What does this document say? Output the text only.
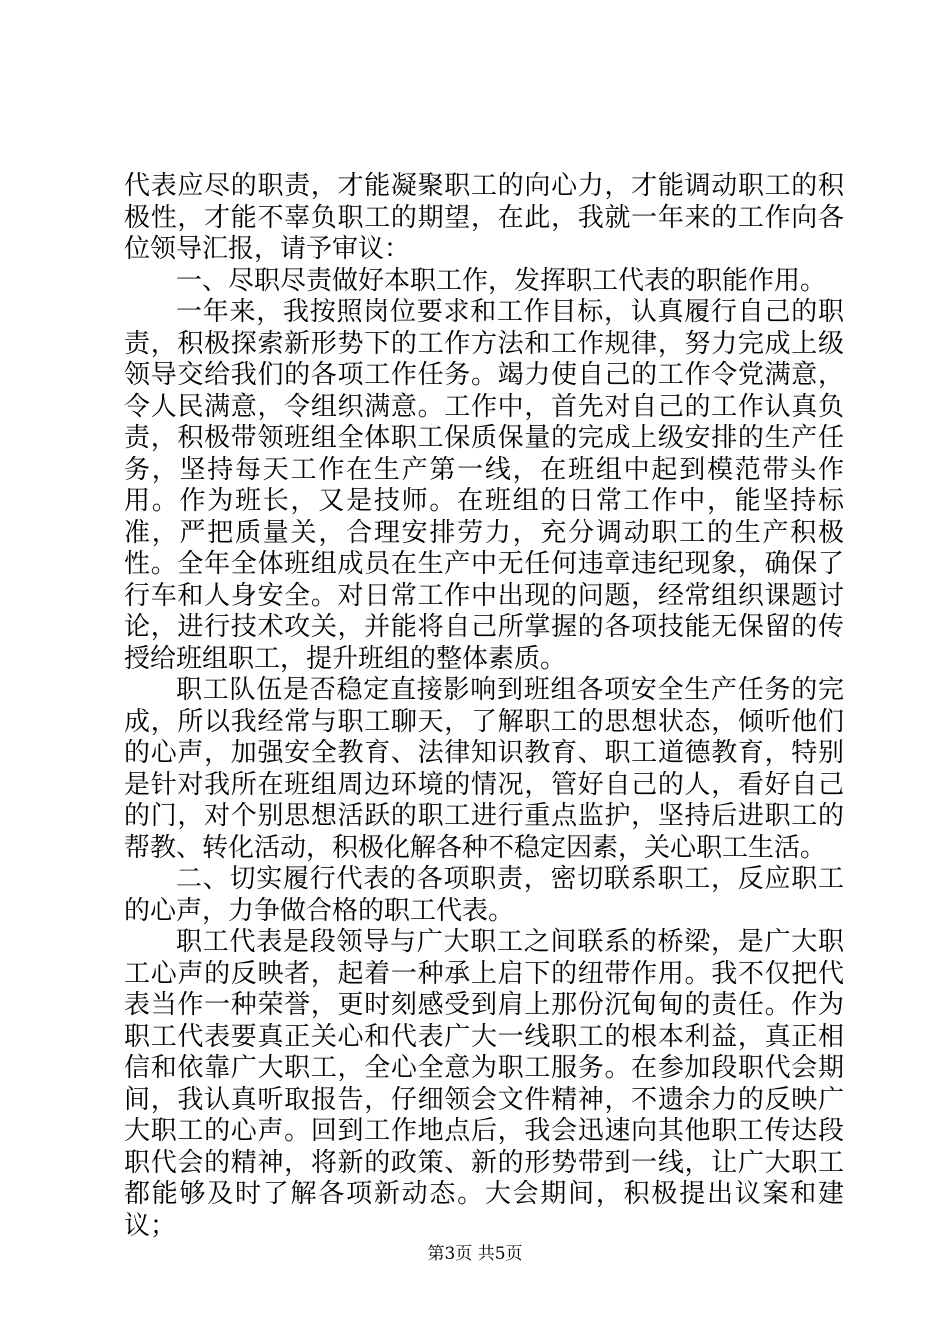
代表应尽的职责，才能凝聚职工的向心力，才能调动职工的积极性，才能不辜负职工的期望，在此，我就一年来的工作向各位领导汇报，请予审议：

一、尽职尽责做好本职工作，发挥职工代表的职能作用。

一年来，我按照岗位要求和工作目标，认真履行自己的职责，积极探索新形势下的工作方法和工作规律，努力完成上级领导交给我们的各项工作任务。竭力使自己的工作令党满意，令人民满意，令组织满意。工作中，首先对自己的工作认真负责，积极带领班组全体职工保质保量的完成上级安排的生产任务，坚持每天工作在生产第一线，在班组中起到模范带头作用。作为班长，又是技师。在班组的日常工作中，能坚持标准，严把质量关，合理安排劳力，充分调动职工的生产积极性。全年全体班组成员在生产中无任何违章违纪现象，确保了行车和人身安全。对日常工作中出现的问题，经常组织课题讨论，进行技术攻关，并能将自己所掌握的各项技能无保留的传授给班组职工，提升班组的整体素质。

职工队伍是否稳定直接影响到班组各项安全生产任务的完成，所以我经常与职工聊天，了解职工的思想状态，倾听他们的心声，加强安全教育、法律知识教育、职工道德教育，特别是针对我所在班组周边环境的情况，管好自己的人，看好自己的门，对个别思想活跃的职工进行重点监护，坚持后进职工的帮教、转化活动，积极化解各种不稳定因素，关心职工生活。

二、切实履行代表的各项职责，密切联系职工，反应职工的心声，力争做合格的职工代表。

职工代表是段领导与广大职工之间联系的桥梁，是广大职工心声的反映者，起着一种承上启下的纽带作用。我不仅把代表当作一种荣誉，更时刻感受到肩上那份沉甸甸的责任。作为职工代表要真正关心和代表广大一线职工的根本利益，真正相信和依靠广大职工，全心全意为职工服务。在参加段职代会期间，我认真听取报告，仔细领会文件精神，不遗余力的反映广大职工的心声。回到工作地点后，我会迅速向其他职工传达段职代会的精神，将新的政策、新的形势带到一线，让广大职工都能够及时了解各项新动态。大会期间，积极提出议案和建议；

第3页 共5页
